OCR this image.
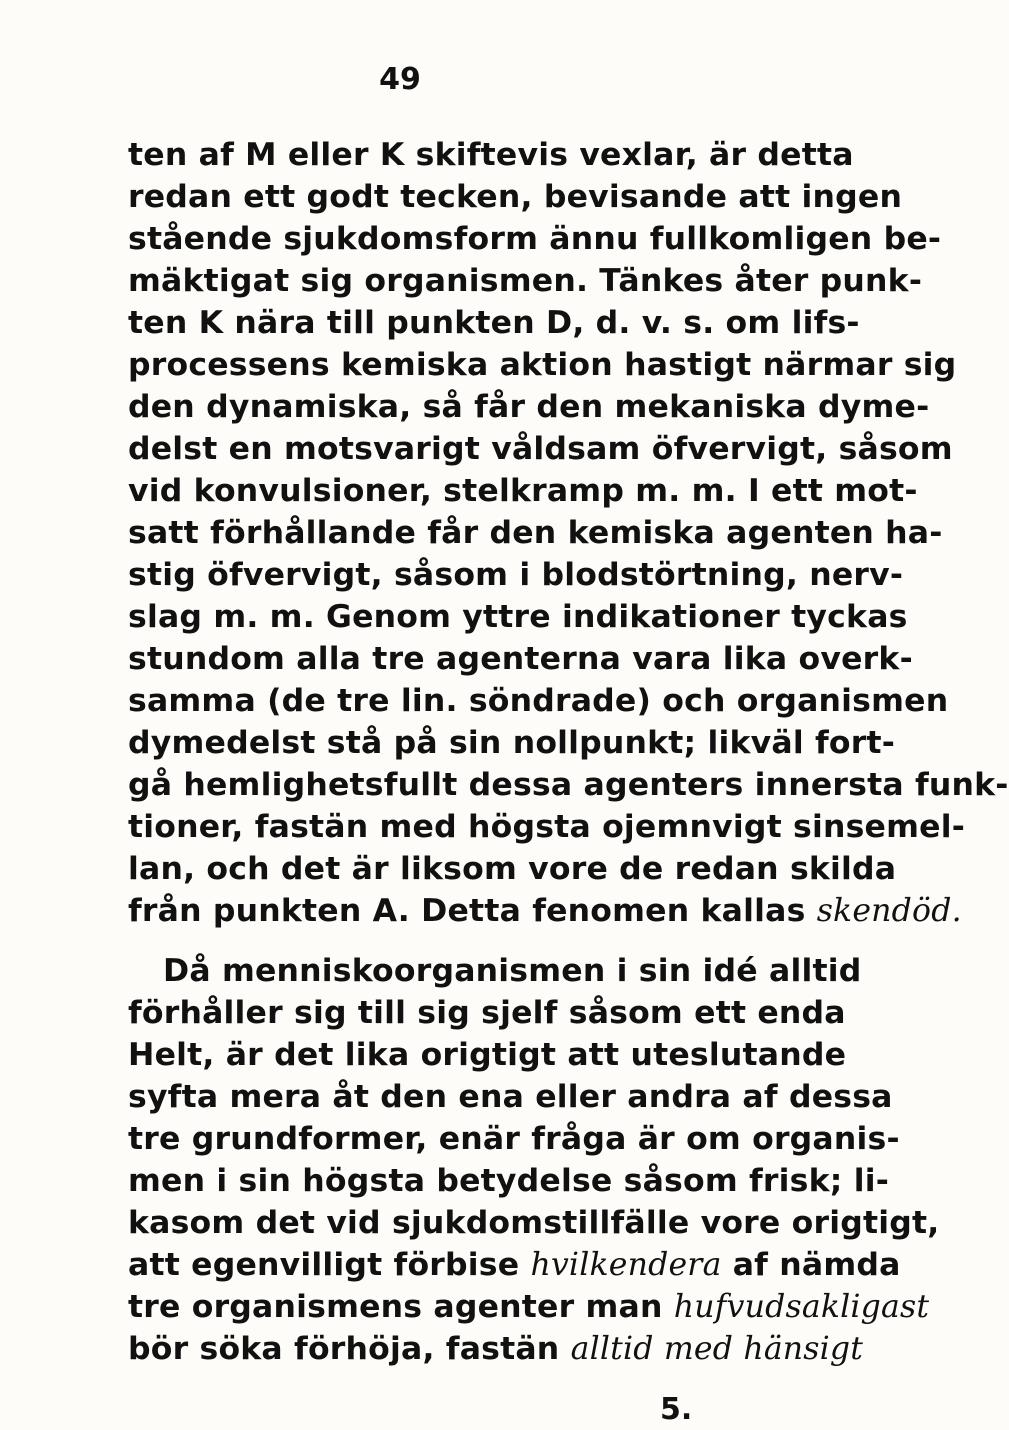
49
ten af M eller K skiftevis vexlar, är detta
redan ett godt tecken, bevisande att ingen
stående sjukdomsform ännu fullkomligen be-
mäktigat sig organismen. Tänkes åter punk-
ten K nära till punkten D, d. v. s. om lifs-
processens kemiska aktion hastigt närmar sig
den dynamiska, så får den mekaniska dyme-
delst en motsvarigt våldsam öfvervigt, såsom
vid konvulsioner, stelkramp m. m. I ett mot-
satt förhållande får den kemiska agenten ha-
stig öfvervigt, såsom i blodstörtning, nerv-
slag m. m. Genom yttre indikationer tyckas
stundom alla tre agenterna vara lika overk-
samma (de tre lin. söndrade) och organismen
dymedelst stå på sin nollpunkt; likväl fort-
gå hemlighetsfullt dessa agenters innersta funk-
tioner, fastän med högsta ojemnvigt sinsemel-
lan, och det är liksom vore de redan skilda
från punkten A. Detta fenomen kallas skendöd.
Då menniskoorganismen i sin idé alltid
förhåller sig till sig sjelf såsom ett enda
Helt, är det lika origtigt att uteslutande
syfta mera åt den ena eller andra af dessa
tre grundformer, enär fråga är om organis-
men i sin högsta betydelse såsom frisk; li-
kasom det vid sjukdomstillfälle vore origtigt,
att egenvilligt förbise hvilkendera af nämda
tre organismens agenter man hufvudsakligast
bör söka förhöja, fastän alltid med hänsigt
5.
